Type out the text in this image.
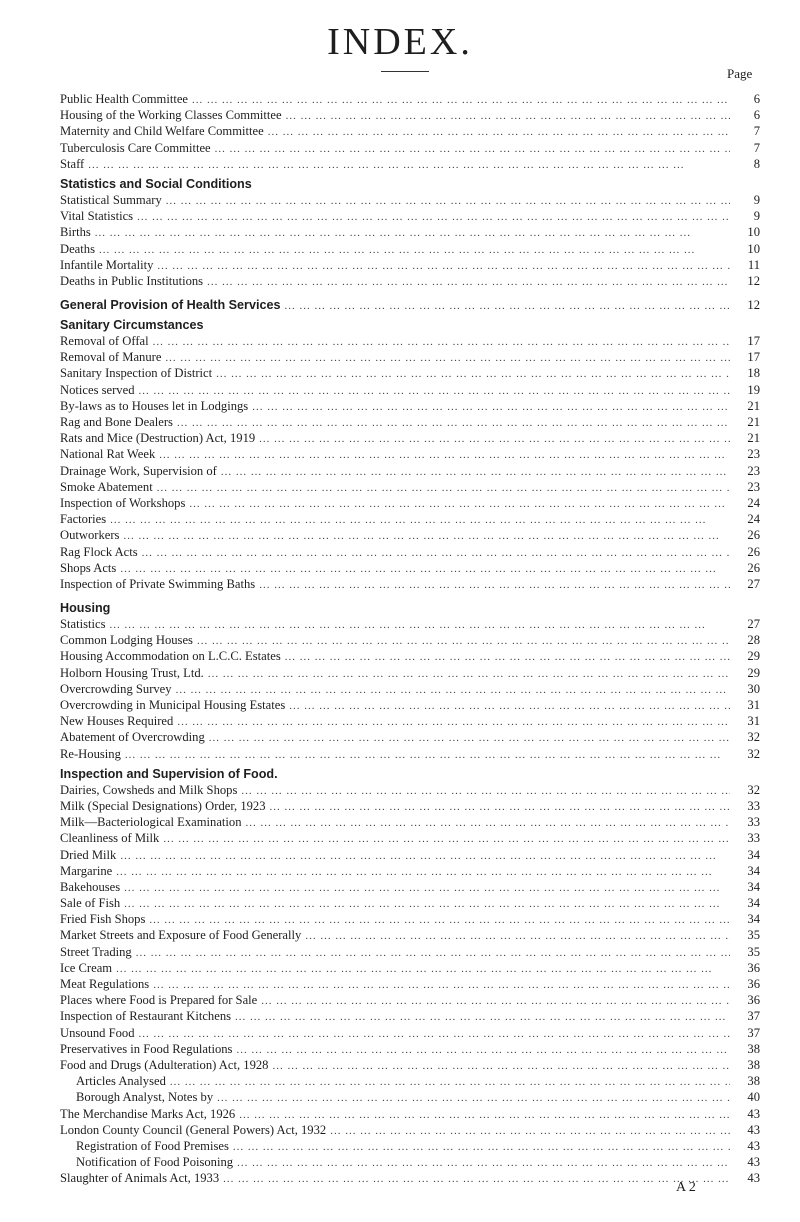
INDEX.
Page
Public Health Committee ... .	6
Housing of the Working Classes Committee ... .	6
Maternity and Child Welfare Committee ... .	7
Tuberculosis Care Committee ... .	7
Staff ... .	8
Statistics and Social Conditions
Statistical Summary ... .	9
Vital Statistics ... .	9
Births ... .	10
Deaths ... .	10
Infantile Mortality ... .	11
Deaths in Public Institutions ... .	12
General Provision of Health Services ... .	12
Sanitary Circumstances
Removal of Offal ... .	17
Removal of Manure ... .	17
Sanitary Inspection of District ... .	18
Notices served ... .	19
By-laws as to Houses let in Lodgings ... .	21
Rag and Bone Dealers ... .	21
Rats and Mice (Destruction) Act, 1919 ... .	21
National Rat Week ... .	23
Drainage Work, Supervision of ... .	23
Smoke Abatement ... .	23
Inspection of Workshops ... .	24
Factories ... .	24
Outworkers ... .	26
Rag Flock Acts ... .	26
Shops Acts ... .	26
Inspection of Private Swimming Baths ... .	27
Housing
Statistics ... .	27
Common Lodging Houses ... .	28
Housing Accommodation on L.C.C. Estates ... .	29
Holborn Housing Trust, Ltd. ... .	29
Overcrowding Survey ... .	30
Overcrowding in Municipal Housing Estates ... .	31
New Houses Required ... .	31
Abatement of Overcrowding ... .	32
Re-Housing ... .	32
Inspection and Supervision of Food.
Dairies, Cowsheds and Milk Shops ... .	32
Milk (Special Designations) Order, 1923 ... .	33
Milk—Bacteriological Examination ... .	33
Cleanliness of Milk ... .	33
Dried Milk ... .	34
Margarine ... .	34
Bakehouses ... .	34
Sale of Fish ... .	34
Fried Fish Shops ... .	34
Market Streets and Exposure of Food Generally ... .	35
Street Trading ... .	35
Ice Cream ... .	36
Meat Regulations ... .	36
Places where Food is Prepared for Sale ... .	36
Inspection of Restaurant Kitchens ... .	37
Unsound Food ... .	37
Preservatives in Food Regulations ... .	38
Food and Drugs (Adulteration) Act, 1928 ... .	38
Articles Analysed ... .	38
Borough Analyst, Notes by ... .	40
The Merchandise Marks Act, 1926 ... .	43
London County Council (General Powers) Act, 1932 ... .	43
Registration of Food Premises ... .	43
Notification of Food Poisoning ... .	43
Slaughter of Animals Act, 1933 ... .	43
A 2
